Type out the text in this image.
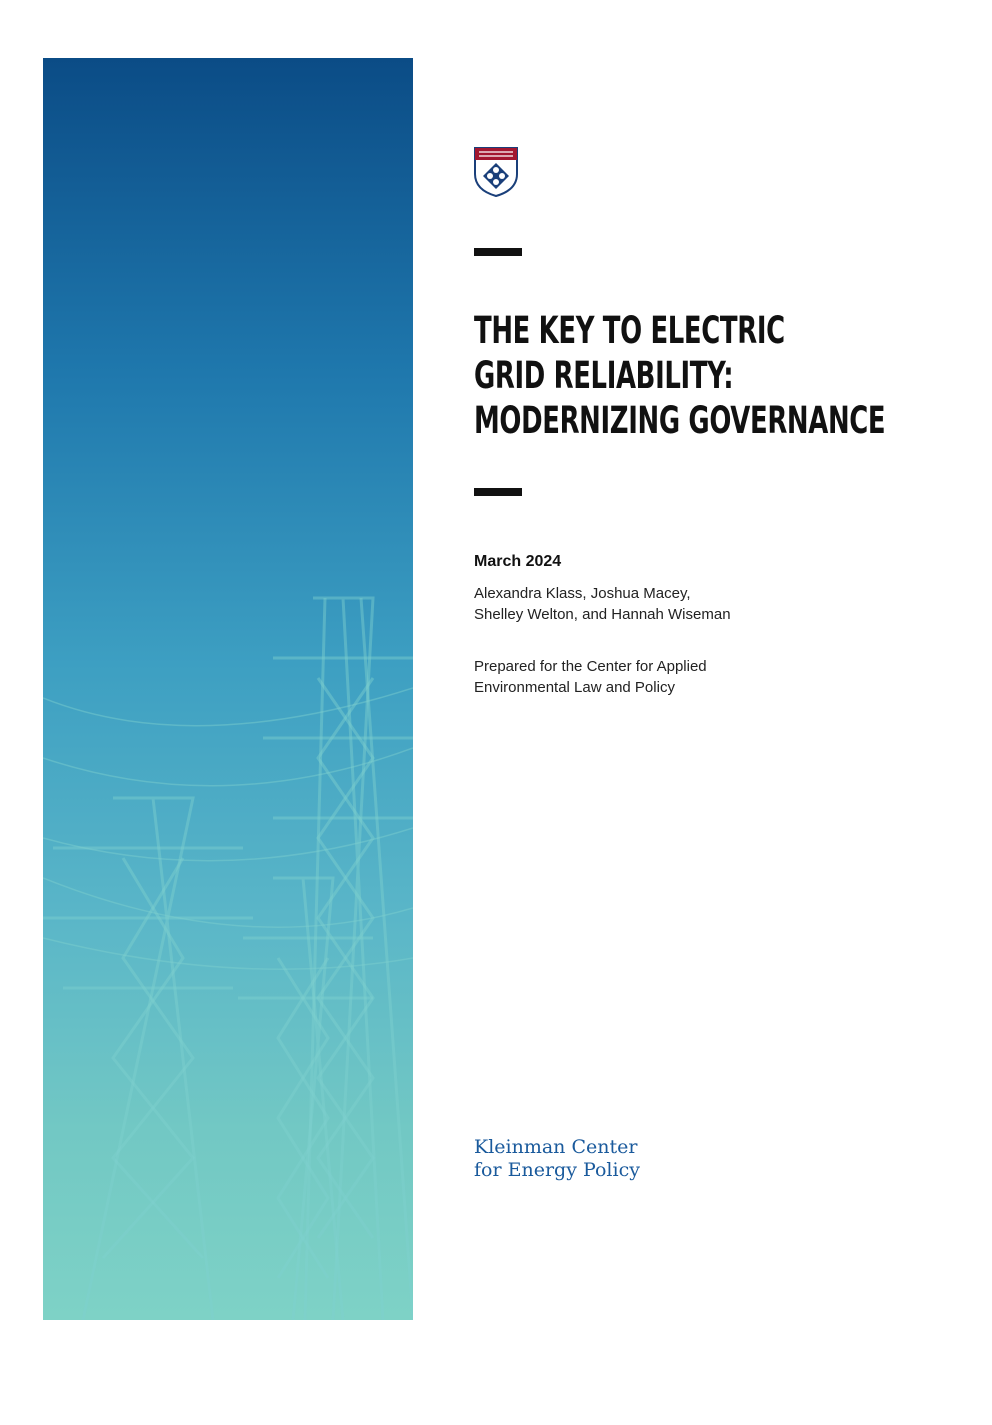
THE KEY TO ELECTRIC
GRID RELIABILITY:
MODERNIZING GOVERNANCE
March 2024
Alexandra Klass, Joshua Macey,
Shelley Welton, and Hannah Wiseman
Prepared for the Center for Applied
Environmental Law and Policy
Kleinman Center
for Energy Policy
